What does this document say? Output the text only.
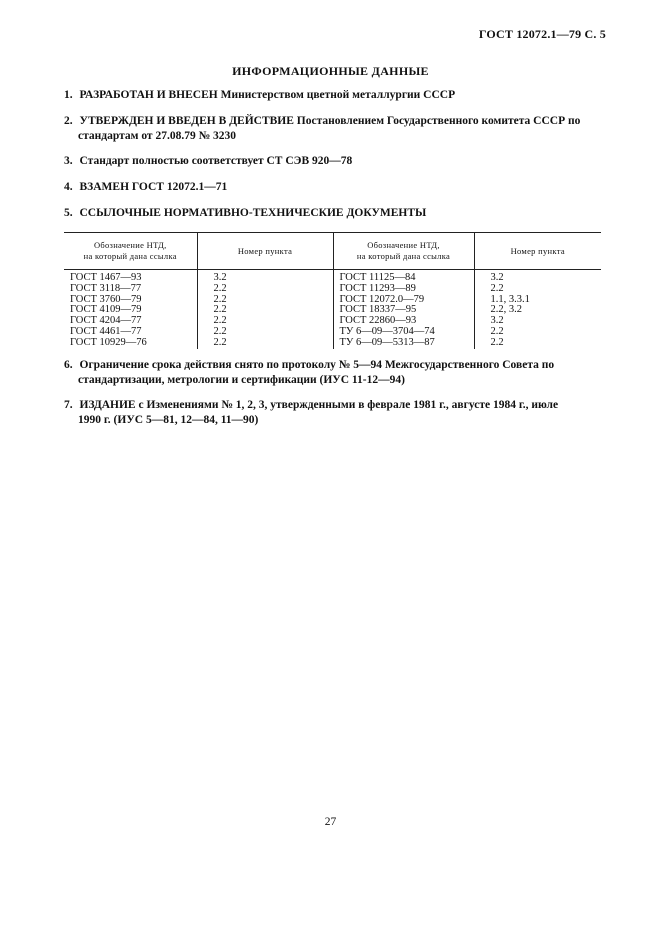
ГОСТ 12072.1—79 С. 5
ИНФОРМАЦИОННЫЕ ДАННЫЕ
1. РАЗРАБОТАН И ВНЕСЕН Министерством цветной металлургии СССР
2. УТВЕРЖДЕН И ВВЕДЕН В ДЕЙСТВИЕ Постановлением Государственного комитета СССР по
стандартам от 27.08.79 № 3230
3. Стандарт полностью соответствует СТ СЭВ 920—78
4. ВЗАМЕН ГОСТ 12072.1—71
5. ССЫЛОЧНЫЕ НОРМАТИВНО-ТЕХНИЧЕСКИЕ ДОКУМЕНТЫ
Обозначение НТД,
на который дана ссылка	Номер пункта	Обозначение НТД,
на который дана ссылка	Номер пункта
ГОСТ 1467—93	3.2	ГОСТ 11125—84	3.2
ГОСТ 3118—77	2.2	ГОСТ 11293—89	2.2
ГОСТ 3760—79	2.2	ГОСТ 12072.0—79	1.1, 3.3.1
ГОСТ 4109—79	2.2	ГОСТ 18337—95	2.2, 3.2
ГОСТ 4204—77	2.2	ГОСТ 22860—93	3.2
ГОСТ 4461—77	2.2	ТУ 6—09—3704—74	2.2
ГОСТ 10929—76	2.2	ТУ 6—09—5313—87	2.2
6. Ограничение срока действия снято по протоколу № 5—94 Межгосударственного Совета по
стандартизации, метрологии и сертификации (ИУС 11-12—94)
7. ИЗДАНИЕ с Изменениями № 1, 2, 3, утвержденными в феврале 1981 г., августе 1984 г., июле
1990 г. (ИУС 5—81, 12—84, 11—90)
27
